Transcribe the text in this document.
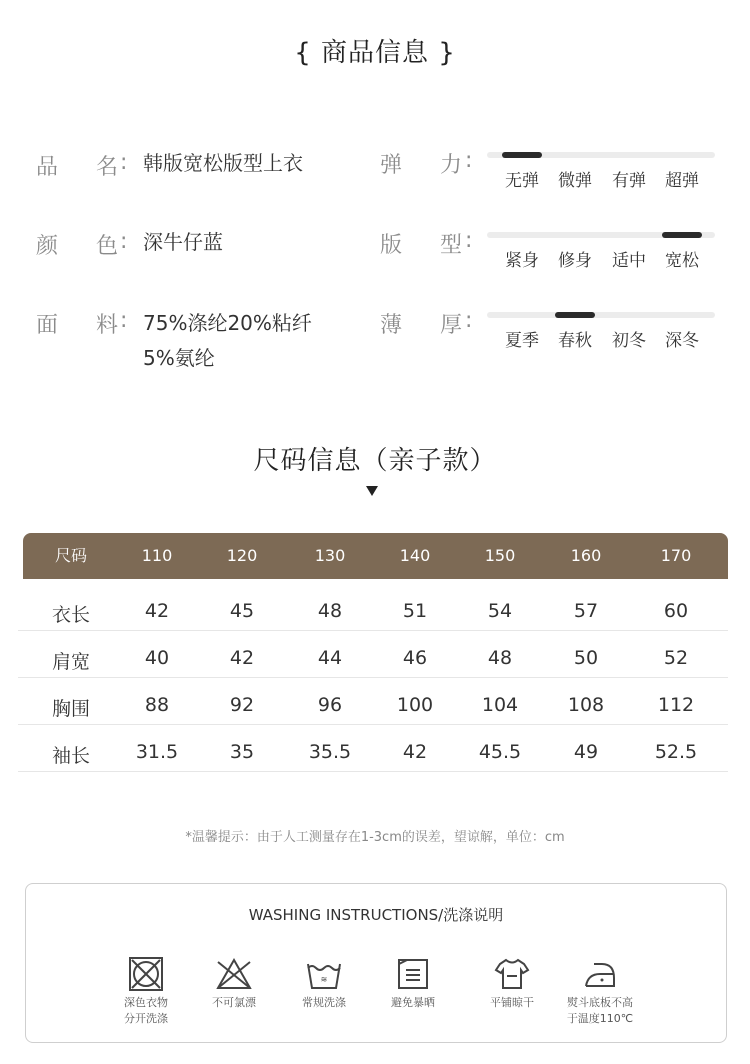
{ 商品信息 }
品 名 : 韩版宽松版型上衣
颜 色 : 深牛仔蓝
面 料 : 75%涤纶20%粘纤
5%氨纶
弹 力 :
无弹	微弹	有弹	超弹
版 型 :
紧身	修身	适中	宽松
薄 厚 :
夏季	春秋	初冬	深冬
尺码信息（亲子款）
尺码	110	120	130	140	150	160	170
衣长	42	45	48	51	54	57	60
肩宽	40	42	44	46	48	50	52
胸围	88	92	96	100	104	108	112
袖长	31.5	35	35.5	42	45.5	49	52.5
*温馨提示：由于人工测量存在1-3cm的误差，望谅解，单位：cm
WASHING INSTRUCTIONS/洗涤说明
深色衣物
分开洗涤
不可氯漂
≋
常规洗涤	避免暴晒	平铺晾干	熨斗底板不高
于温度110℃
